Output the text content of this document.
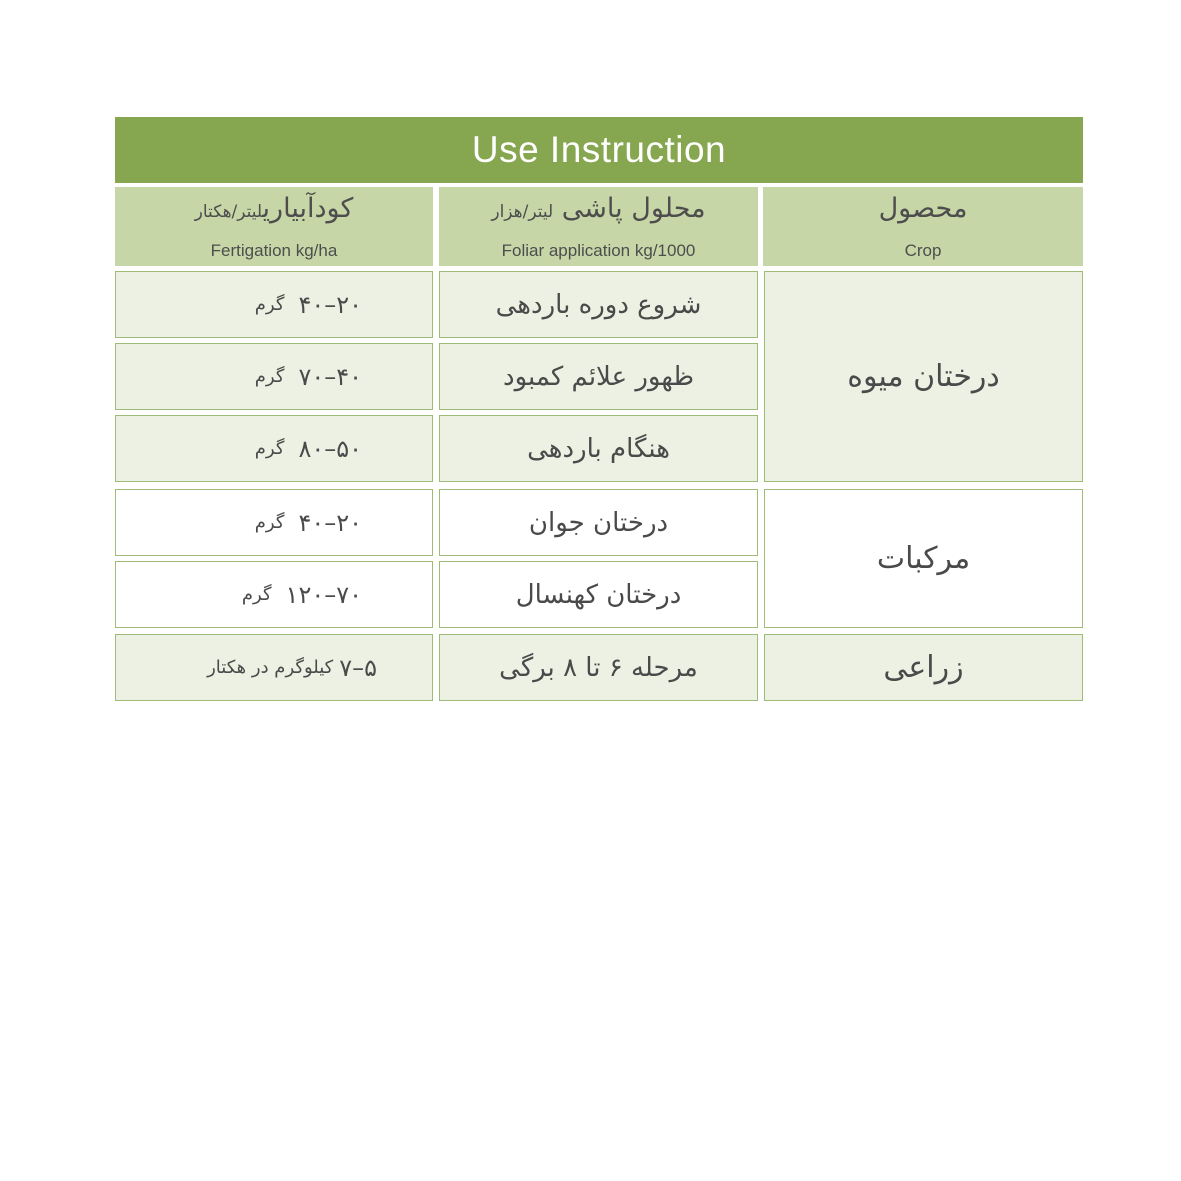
Use Instruction
کودآبیاریلیتر/هکتار
Fertigation kg/ha
محلول پاشی لیتر/هزار
Foliar application kg/1000
محصول
Crop
درختان میوه
مرکبات
زراعی
شروع دوره باردهی
ظهور علائم کمبود
هنگام باردهی
درختان جوان
درختان کهنسال
مرحله ۶ تا ۸ برگی
۲۰–۴۰
گرم
۴۰–۷۰
گرم
۵۰–۸۰
گرم
۲۰–۴۰
گرم
۷۰–۱۲۰
گرم
۵–۷
کیلوگرم در هکتار
